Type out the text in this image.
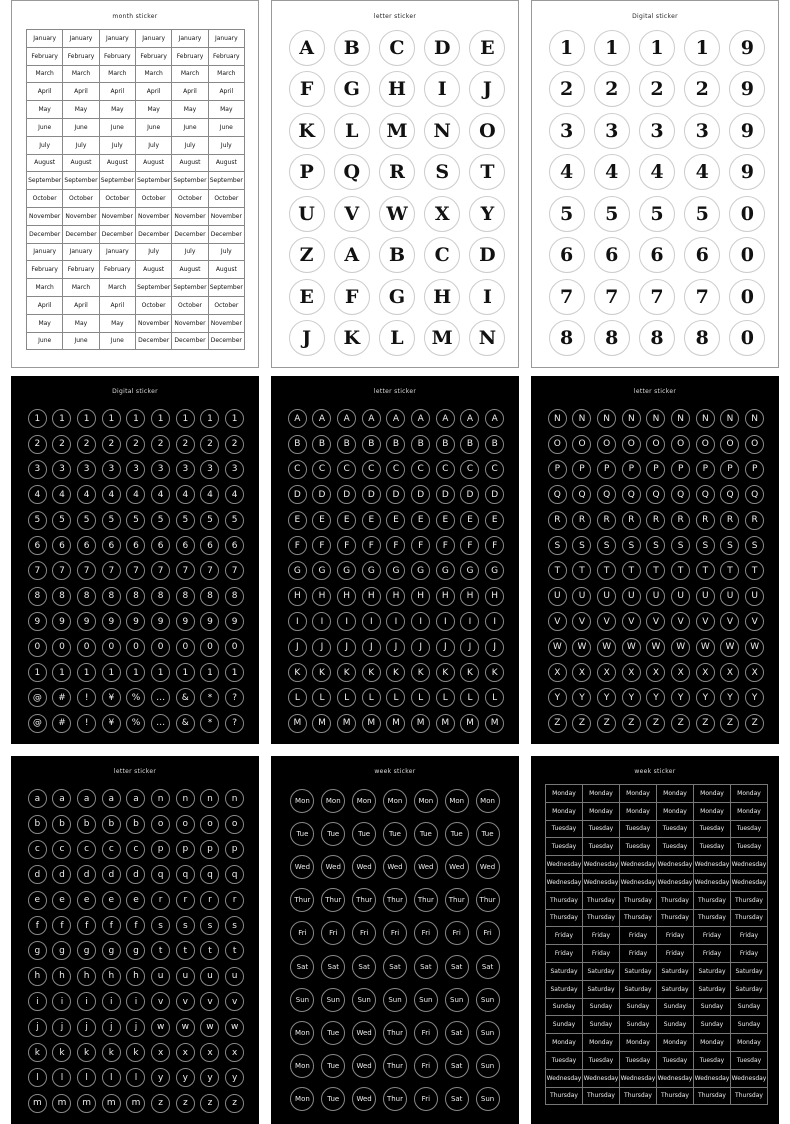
month sticker
January	January	January	January	January	January
February	February	February	February	February	February
March	March	March	March	March	March
April	April	April	April	April	April
May	May	May	May	May	May
June	June	June	June	June	June
July	July	July	July	July	July
August	August	August	August	August	August
September September September September September September
October	October	October	October	October	October
November November November November November November
December December December December December December
January	January	January	July	July	July
February	February	February	August	August	August
March	March	March	September September September
April	April	April	October	October	October
May	May	May	November November November
June	June	June	December December December
letter sticker
A	B	C	D	E
F	G	H	I	J
K	L	M	N	O
P	Q	R	S	T
U	V	W	X	Y
Z	A	B	C	D
E	F	G	H	I
J	K	L	M	N
Digital sticker
1	1	1	1	9
2	2	2	2	9
3	3	3	3	9
4	4	4	4	9
5	5	5	5	0
6	6	6	6	0
7	7	7	7	0
8	8	8	8	0
Digital sticker
1	1	1	1	1	1	1	1	1
2	2	2	2	2	2	2	2	2
3	3	3	3	3	3	3	3	3
4	4	4	4	4	4	4	4	4
5	5	5	5	5	5	5	5	5
6	6	6	6	6	6	6	6	6
7	7	7	7	7	7	7	7	7
8	8	8	8	8	8	8	8	8
9	9	9	9	9	9	9	9	9
0	0	0	0	0	0	0	0	0
1	1	1	1	1	1	1	1	1
@	#	!	¥	%	…	&	*	?
@	#	!	¥	%	…	&	*	?
letter sticker
A	A	A	A	A	A	A	A	A
B	B	B	B	B	B	B	B	B
C	C	C	C	C	C	C	C	C
D	D	D	D	D	D	D	D	D
E	E	E	E	E	E	E	E	E
F	F	F	F	F	F	F	F	F
G	G	G	G	G	G	G	G	G
H	H	H	H	H	H	H	H	H
I	I	I	I	I	I	I	I	I
J	J	J	J	J	J	J	J	J
K	K	K	K	K	K	K	K	K
L	L	L	L	L	L	L	L	L
M	M	M	M	M	M	M	M	M
letter sticker
N	N	N	N	N	N	N	N	N
O	O	O	O	O	O	O	O	O
P	P	P	P	P	P	P	P	P
Q	Q	Q	Q	Q	Q	Q	Q	Q
R	R	R	R	R	R	R	R	R
S	S	S	S	S	S	S	S	S
T	T	T	T	T	T	T	T	T
U	U	U	U	U	U	U	U	U
V	V	V	V	V	V	V	V	V
W	W	W	W	W	W	W	W	W
X	X	X	X	X	X	X	X	X
Y	Y	Y	Y	Y	Y	Y	Y	Y
Z	Z	Z	Z	Z	Z	Z	Z	Z
letter sticker
a	a	a	a	a	n	n	n	n
b	b	b	b	b	o	o	o	o
c	c	c	c	c	p	p	p	p
d	d	d	d	d	q	q	q	q
e	e	e	e	e	r	r	r	r
f	f	f	f	f	s	s	s	s
g	g	g	g	g	t	t	t	t
h	h	h	h	h	u	u	u	u
i	i	i	i	i	v	v	v	v
j	j	j	j	j	w	w	w	w
k	k	k	k	k	x	x	x	x
l	l	l	l	l	y	y	y	y
m	m	m	m	m	z	z	z	z
week sticker
Mon	Mon	Mon	Mon	Mon	Mon	Mon
Tue	Tue	Tue	Tue	Tue	Tue	Tue
Wed	Wed	Wed	Wed	Wed	Wed	Wed
Thur	Thur	Thur	Thur	Thur	Thur	Thur
Fri	Fri	Fri	Fri	Fri	Fri	Fri
Sat	Sat	Sat	Sat	Sat	Sat	Sat
Sun	Sun	Sun	Sun	Sun	Sun	Sun
Mon	Tue	Wed	Thur	Fri	Sat	Sun
Mon	Tue	Wed	Thur	Fri	Sat	Sun
Mon	Tue	Wed	Thur	Fri	Sat	Sun
week sticker
Monday	Monday	Monday	Monday	Monday	Monday
Monday	Monday	Monday	Monday	Monday	Monday
Tuesday	Tuesday	Tuesday	Tuesday	Tuesday	Tuesday
Tuesday	Tuesday	Tuesday	Tuesday	Tuesday	Tuesday
Wednesday Wednesday Wednesday Wednesday Wednesday Wednesday
Wednesday Wednesday Wednesday Wednesday Wednesday Wednesday
Thursday	Thursday	Thursday	Thursday	Thursday	Thursday
Thursday	Thursday	Thursday	Thursday	Thursday	Thursday
Friday	Friday	Friday	Friday	Friday	Friday
Friday	Friday	Friday	Friday	Friday	Friday
Saturday	Saturday	Saturday	Saturday	Saturday	Saturday
Saturday	Saturday	Saturday	Saturday	Saturday	Saturday
Sunday	Sunday	Sunday	Sunday	Sunday	Sunday
Sunday	Sunday	Sunday	Sunday	Sunday	Sunday
Monday	Monday	Monday	Monday	Monday	Monday
Tuesday	Tuesday	Tuesday	Tuesday	Tuesday	Tuesday
Wednesday Wednesday Wednesday Wednesday Wednesday Wednesday
Thursday	Thursday	Thursday	Thursday	Thursday	Thursday
